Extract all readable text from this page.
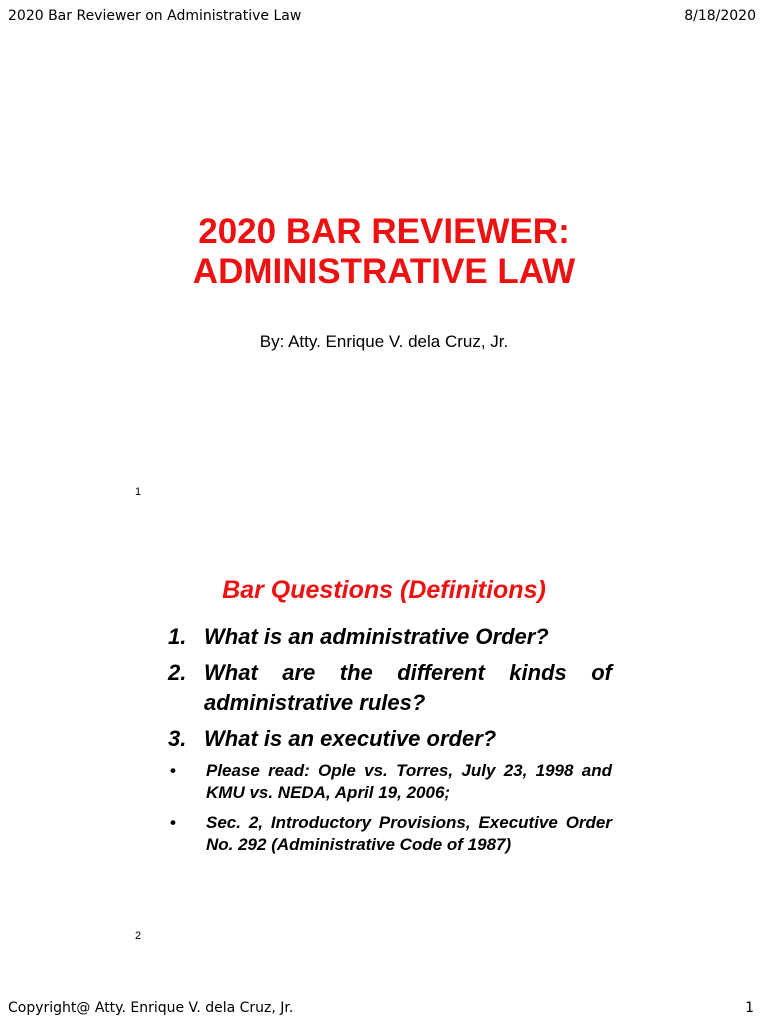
2020 Bar Reviewer on Administrative Law	8/18/2020
2020 BAR REVIEWER:
ADMINISTRATIVE LAW
By: Atty. Enrique V. dela Cruz, Jr.
1
Bar Questions (Definitions)
1. What is an administrative Order?
2. What are the different kinds of administrative rules?
3. What is an executive order?
•	Please read: Ople vs. Torres, July 23, 1998 and KMU vs. NEDA, April 19, 2006;
•	Sec. 2, Introductory Provisions, Executive Order No. 292 (Administrative Code of 1987)
2
Copyright@ Atty. Enrique V. dela Cruz, Jr.	1
